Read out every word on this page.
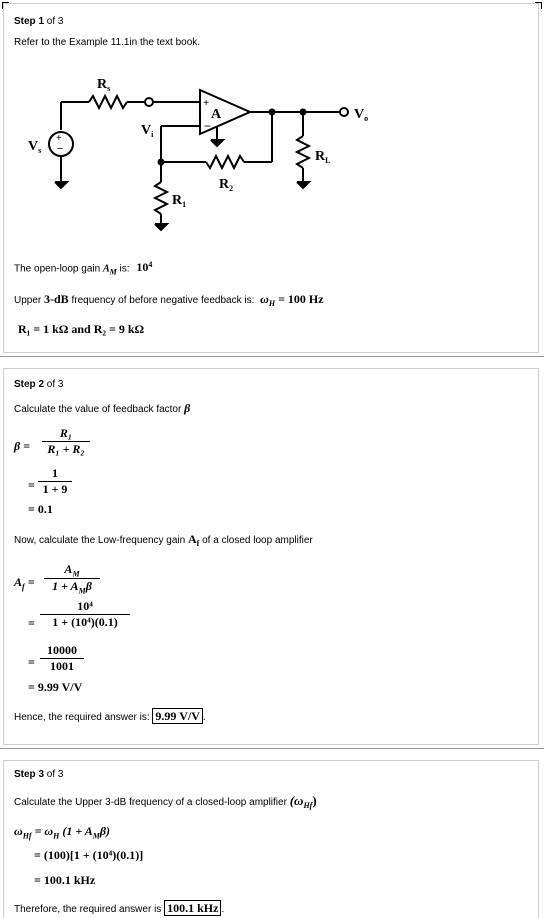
Step 1 of 3
Refer to the Example 11.1in the text book.
+
−
+
−
A
$R_s$
$V_i$
$V_s$
$V_o$
$R_L$
$R_2$
$R_1$
The open-loop gain $A_M$ is: $10^4$
Upper 3-dB frequency of before negative feedback is: $\omega_H = 100$ Hz
R₁ = 1 kΩ and R₂ = 9 kΩ
Step 2 of 3
Calculate the value of feedback factor β
β =
R₁
R₁ + R₂
=
1
1 + 9
= 0.1
Now, calculate the Low-frequency gain $A_f$ of a closed loop amplifier
$A_f$ =
$A_M$
$1 + A_M\beta$
=
10⁴
1 + (10⁴)(0.1)
=
10000
1001
= 9.99 V/V
Hence, the required answer is: 9.99 V/V .
Step 3 of 3
Calculate the Upper 3-dB frequency of a closed-loop amplifier $(\omega_{Hf})$
$\omega_{Hf} = \omega_H$ $(1 + A_M\beta)$
= (100)[1 + (10⁴)(0.1)]
= 100.1 kHz
Therefore, the required answer is 100.1 kHz .
